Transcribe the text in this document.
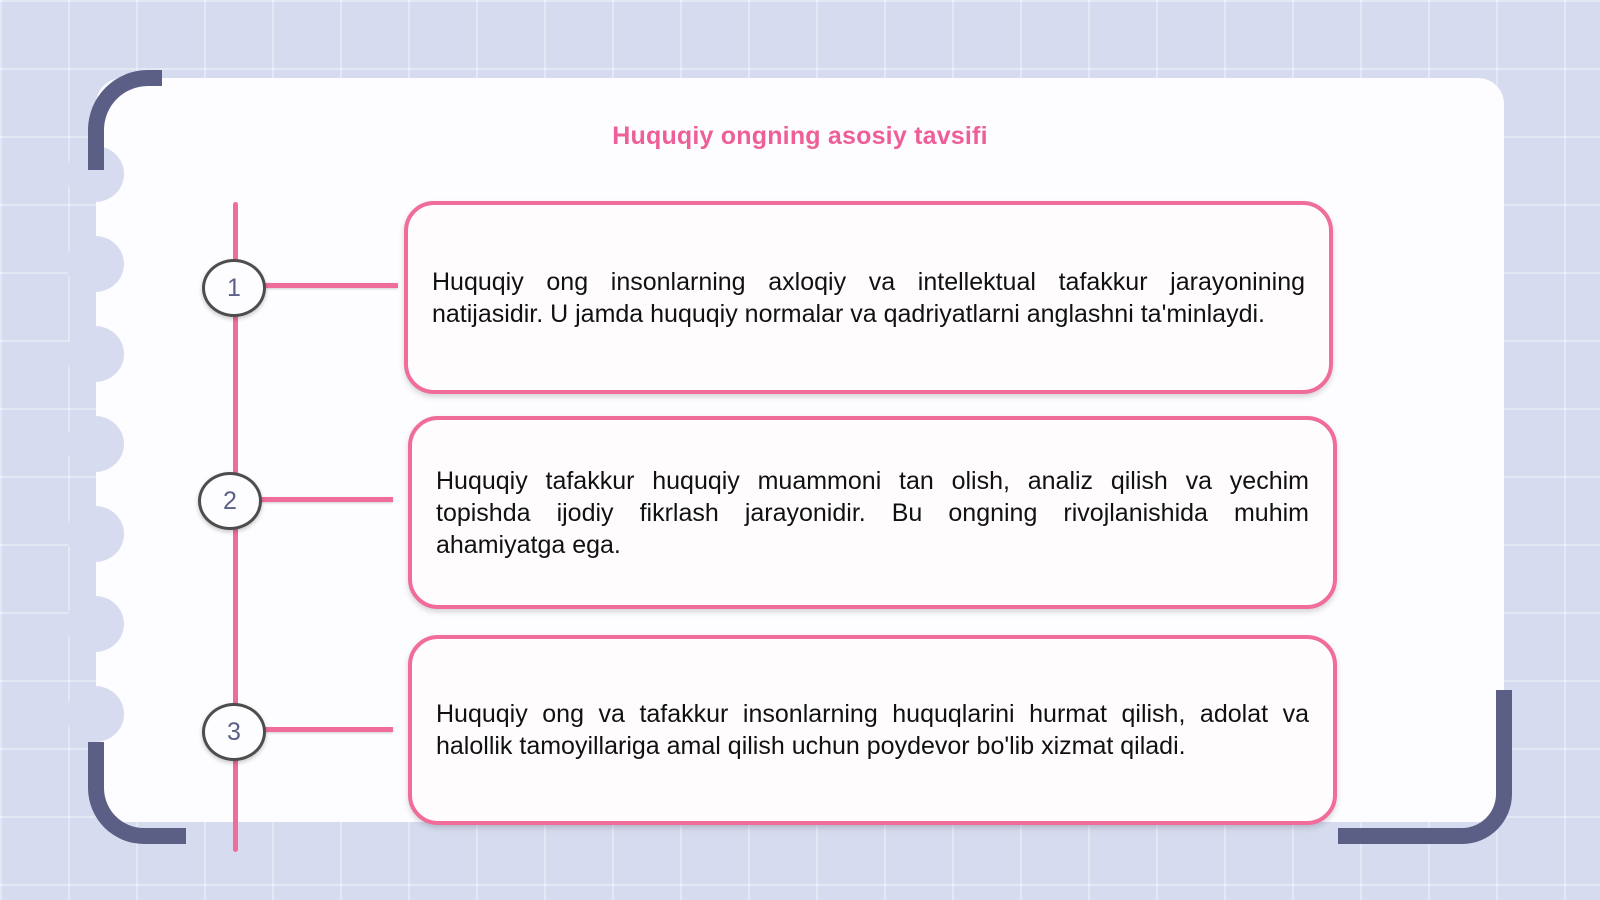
Huquqiy ongning asosiy tavsifi
1
2
3

Huquqiy ong insonlarning axloqiy va intellektual tafakkur jarayonining natijasidir. U jamda huquqiy normalar va qadriyatlarni anglashni ta'minlaydi.

Huquqiy tafakkur huquqiy muammoni tan olish, analiz qilish va yechim topishda ijodiy fikrlash jarayonidir. Bu ongning rivojlanishida muhim ahamiyatga ega.

Huquqiy ong va tafakkur insonlarning huquqlarini hurmat qilish, adolat va halollik tamoyillariga amal qilish uchun poydevor bo'lib xizmat qiladi.
